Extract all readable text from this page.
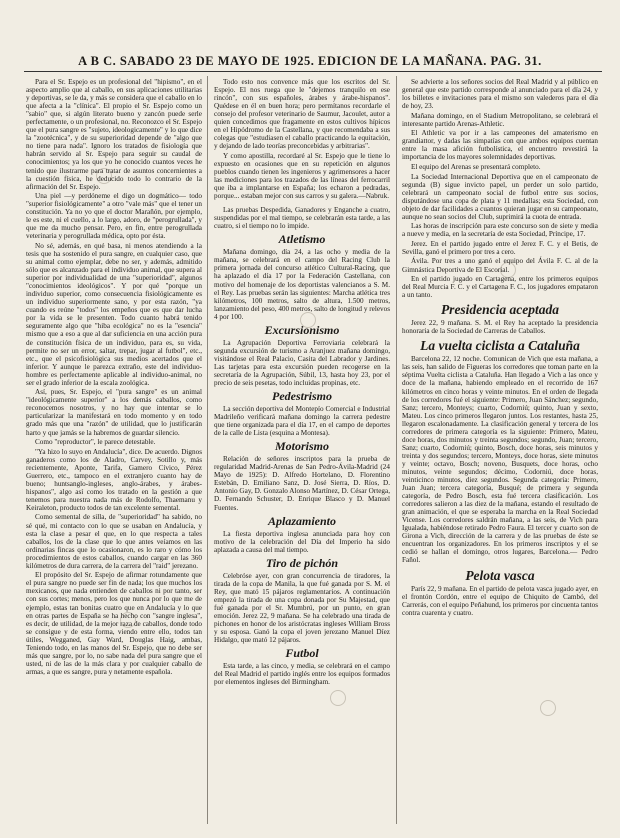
A B C. SABADO 23 DE MAYO DE 1925. EDICION DE LA MAÑANA. PAG. 31.

Para el Sr. Espejo es un profesional del "hipismo", en el aspecto amplio que al caballo, en sus aplicaciones utilitarias y deportivas, se le da, y más se considera que el caballo en lo que afecta a la "clínica". El propio el Sr. Espejo como un "sabio" que, si algún literato bueno y zancón puede serle perfectamente, o un profesional, no. Reconozco el Sr. Espejo que el pura sangre es "sujeto, ideologicamente" y lo que dice la "zootécnica", y de su superioridad depende de "algo que no tiene para nada". Ignoro los tratados de fisiología que habrán servido al Sr. Espejo para seguir su caudal de conocimientos; ya los que yo he conocido cuantos veces he tenido que ilustrarme para tratar de asuntos concernientes a la cuestión física, he deducido todo lo contrario de la afirmación del Sr. Espejo.

Una piel —y perdóneme el digo un dogmático— todo "superior fisiológicamente" a otro "vale más" que el tener un constitución. Ya no yo que el doctor Marañón, por ejemplo, le es este, ni el cuello, a lo largo, adoro, de "perogrullada", y que me da mucho pensar. Pero, en fin, entre perogrullada veterinaria y perogrullada médica, opto por ésta.

No sé, además, en qué basa, ni menos atendiendo a la tesis que ha sostenido el pura sangre, en cualquier caso, que su animal como ejemplar, debe no ser, y además, admitido sólo que es alcanzado para el individuo animal, que supera al superior por individualidad de una "superioridad", algunos "conocimientos ideológicos". Y por qué "porque un individuo superior, como consecuencia fisiológicamente es un individuo superiormente sano, y por esta razón, "ya cuando es reúne "todos" los empeños que es que dar lucha por la vida se le presenten. Todo cuanto habrá tenido seguramente algo que "hiba ecológica" no es la "esencia" mismo que a eso a que al dar suficiencia en una acción pura de constitución física de un individuo, para es, su vida, permite no ser un error, saltar, trepar, jugar al futbol", etc., etc., que el psicofisiológica sus medios acertados que el inferior. Y aunque le parezca extraño, este del individuo-hombre es perfectamente aplicable al individuo-animal, no ser el grado inferior de la escala zoológica.

Así, pues, Sr. Espejo, el "pura sangre" es un animal "ideológicamente superior" a los demás caballos, como reconocemos nosotros, y no hay que intentar se lo particularizar la manifestará en todo momento y en todo grado más que una "razón" de utilidad, que lo justificarán harto y que jamás se la habremos de guardar silencio.

Como "reproductor", le parece detestable.

"Ya hizo lo suyo en Andalucía", dice. De acuerdo. Dignos ganaderos como los de Aladro, Carvey, Sotillo y, más recientemente, Aponte, Tarifa, Gamero Cívico, Pérez Guerrero, etc., tampoco en el extranjero cuanto hay de bueno; huntsanglo-ingleses, anglo-árabes, y árabes-hispanos", algo así como los tratado en la gestión a que tenemos para nuestra nada más de Rodolfo, Thaemanu y Keiraleton, producto todos de tan excelente semental.

Como semental de silla, de "superioridad" ha sabido, no sé qué, mi contacto con lo que se usaban en Andalucía, y esta la clase a pesar el que, en lo que respecta a tales caballos, los de la clase que lo que antes veíamos en las ordinarias fincas que lo ocasionaron, es lo raro y cómo los procedimientos de estos caballos, cuando cargar en las 360 kilómetros de dura carrera, de la carrera del "raid" jerezano.

El propósito del Sr. Espejo de afirmar rotundamente que el pura sangre no puede ser fin de nada; los que muchos los mexicanos, que nada entienden de caballos ni por tanto, ser con sus cortes; menos, pero los que nunca por lo que me de ejemplo, estas tan bonitas cuatro que en Andalucía y lo que en otras partes de España se ha hecho con "sangre inglesa", es decir, de utilidad, de la mejor raza de caballos, donde todo se consigue y de esta forma, viendo entre ello, todos tan útiles, Wegganed, Gay Ward, Douglas Haig, ambas, Teniendo todo, en las manos del Sr. Espejo, que no debe ser más que sangre, por lo, no sabe nada del pura sangre que el usted, ni de las de la más clara y por cualquier caballo de armas, a que es sangre, pura y netamente española.

Todo esto nos convence más que los escritos del Sr. Espejo. El nos ruega que le "dejemos tranquilo en ese rincón", con sus españoles, árabes y árabe-hispanos". Quédese en él en buen hora; pero permítanos recordarle el consejo del profesor veterinario de Saumur, Jacoulet, autor a quien concedimos que fragamente en estos cultivos hípicos en el Hipódromo de la Castellana, y que recomendaba a sus colegas que "estudiasen el caballo practicando la equitación, y dejando de lado teorías preconcebidas y arbitrarias".

Y como apostilla, recordaré al Sr. Espejo que le tiene lo expuesto en ocasiones que en su repetición en algunos pueblos cuando tienen les ingenieros y agrimensores a hacer las mediciones para los trazados de las líneas del ferrocarril que iba a implantarse en España; los echaron a pedradas, porque... estaban mejor con sus carros y su galera.—Nabruk.

Las pruebas Despedida, Ganadores y Enganche a cuatro, suspendidas por el mal tiempo, se celebrarán esta tarde, a las cuatro, si el tiempo no lo impide.

Atletismo

Mañana domingo, día 24, a las ocho y media de la mañana, se celebrará en el campo del Racing Club la primera jornada del concurso atlético Cultural-Racing, que ha aplazado el día 17 por la Federación Castellana, con motivo del homenaje de los deportistas valencianos a S. M. el Rey. Las pruebas serán las siguientes: Marcha atlética tres kilómetros, 100 metros, salto de altura, 1.500 metros, lanzamiento del peso, 400 metros, salto de longitud y relevos 4 por 100.

Excursionismo

La Agrupación Deportiva Ferroviaria celebrará la segunda excursión de turismo a Aranjuez mañana domingo, visitándose el Real Palacio, Casita del Labrador y Jardines. Las tarjetas para esta excursión pueden recogerse en la secretaría de la Agrupación, Súbil, 13, hasta hoy 23, por el precio de seis pesetas, todo incluidas propinas, etc.

Pedestrismo

La sección deportiva del Montepío Comercial e Industrial Madrileño verificará mañana domingo la carrera pedestre que tiene organizada para el día 17, en el campo de deportes de la calle de Lista (esquina a Montesa).

Motorismo

Relación de señores inscriptos para la prueba de regularidad Madrid-Arenas de San Pedro-Ávila-Madrid (24 Mayo de 1925): D. Alfredo Hortelano, D. Florentino Estebán, D. Emiliano Sanz, D. José Sierra, D. Ríos, D. Antonio Gay, D. Gonzalo Alonso Martínez, D. César Ortega, D. Fernando Schuster, D. Enrique Blasco y D. Manuel Fuentes.

Aplazamiento

La fiesta deportiva inglesa anunciada para hoy con motivo de la celebración del Día del Imperio ha sido aplazada a causa del mal tiempo.

Tiro de pichón

Celebróse ayer, con gran concurrencia de tiradores, la tirada de la copa de Manila, la que fué ganada por S. M. el Rey, que mató 15 pájaros reglamentarios. A continuación empezó la tirada de una copa donada por Su Majestad, que fué ganada por el Sr. Mumbrú, por un punto, en gran emoción. Jerez 22, 9 mañana. Se ha celebrado una tirada de pichones en honor de los aristócratas ingleses William Bross y su esposa. Ganó la copa el joven jerezano Manuel Díez Hidalgo, que mató 12 pájaros.

Futbol

Esta tarde, a las cinco, y media, se celebrará en el campo del Real Madrid el partido inglés entre los equipos formados por elementos ingleses del Birmingham.

Se advierte a los señores socios del Real Madrid y al público en general que este partido corresponde al anunciado para el día 24, y los billetes e invitaciones para el mismo son valederos para el día de hoy, 23.

Mañana domingo, en el Stadium Metropolitano, se celebrará el interesante partido Arenas-Athletic.

El Athletic va por ir a las campeones del amaterismo en grandiattor, y dadas las simpatías con que ambos equipos cuentan entre la masa afición futbolística, el encuentro revestirá la importancia de los mayores solemnidades deportivas.

El equipo del Arenas se presentará completo.

La Sociedad Internacional Deportiva que en el campeonato de segunda (B) sigue invicto papel, un perder un solo partido, celebrará un campeonato social de futbol entre sus socios, disputándose una copa de plata y 11 medallas; esta Sociedad, con objeto de dar facilidades a cuantos quieran jugar en su campeonato, aunque no sean socios del Club, suprimirá la cuota de entrada.

Las horas de inscripción para este concurso son de siete y media a nueve y media, en la secretaría de esta Sociedad, Príncipe, 17.

Jerez. En el partido jugado entre el Jerez F. C. y el Betis, de Sevilla, ganó el primero por tres a cero.

Ávila. Por tres a uno ganó el equipo del Ávila F. C. al de la Gimnástica Deportiva de El Escorial.

En el partido jugado en Cartagena, entre los primeros equipos del Real Murcia F. C. y el Cartagena F. C., los jugadores empataron a un tanto.

Presidencia aceptada

Jerez 22, 9 mañana. S. M. el Rey ha aceptado la presidencia honoraria de la Sociedad de Carreras de Caballos.

La vuelta ciclista a Cataluña

Barcelona 22, 12 noche. Comunican de Vich que esta mañana, a las seis, han salido de Figueras los corredores que toman parte en la séptima Vuelta ciclista a Cataluña. Han llegado a Vich a las once y doce de la mañana, habiendo empleado en el recorrido de 167 kilómetros en cinco horas y veinte minutos. En el orden de llegada de los corredores fué el siguiente: Primero, Juan Sánchez; segundo, Sanz; tercero, Monteys; cuarto, Codorniú; quinto, Juan y sexto, Mateu. Los cinco primeros llegaron juntos. Los restantes, hasta 25, llegaron escalonadamente. La clasificación general y tercera de los corredores de primera categoría es la siguiente: Primero, Mateu, doce horas, dos minutos y treinta segundos; segundo, Juan; tercero, Sanz; cuarto, Codorniú; quinto, Bosch, doce horas, seis minutos y treinta y dos segundos; tercero, Monteys, doce horas, siete minutos y veinte; octavo, Bosch; noveno, Busquets, doce horas, ocho minutos, veinte segundos; décimo, Codorniú, doce horas, veinticinco minutos, diez segundos. Segunda categoría: Primero, Juan Juan; tercera categoría, Busqué; de primera y segunda categoría, de Pedro Bosch, esta fué tercera clasificación. Los corredores salieron a las diez de la mañana, estando el resultado de gran animación, el que se esperaba la marcha en la Real Sociedad Vicense. Los corredores saldrán mañana, a las seis, de Vich para Igualada, habiéndose retirado Pedro Faura. El tercer y cuarto son de Girona a Vich, dirección de la carrera y de las pruebas de éste se encuentran los organizadores. En los primeros inscriptos y el se cedió se hallan el domingo, otros lugares, Barcelona.— Pedro Fañol.

Pelota vasca

París 22, 9 mañana. En el partido de pelota vasca jugado ayer, en el frontón Cordón, entre el equipo de Chiquito de Cambó, del Carrerás, con el equipo Peñahund, los primeros por cincuenta tantos contra cuarenta y cuatro.
